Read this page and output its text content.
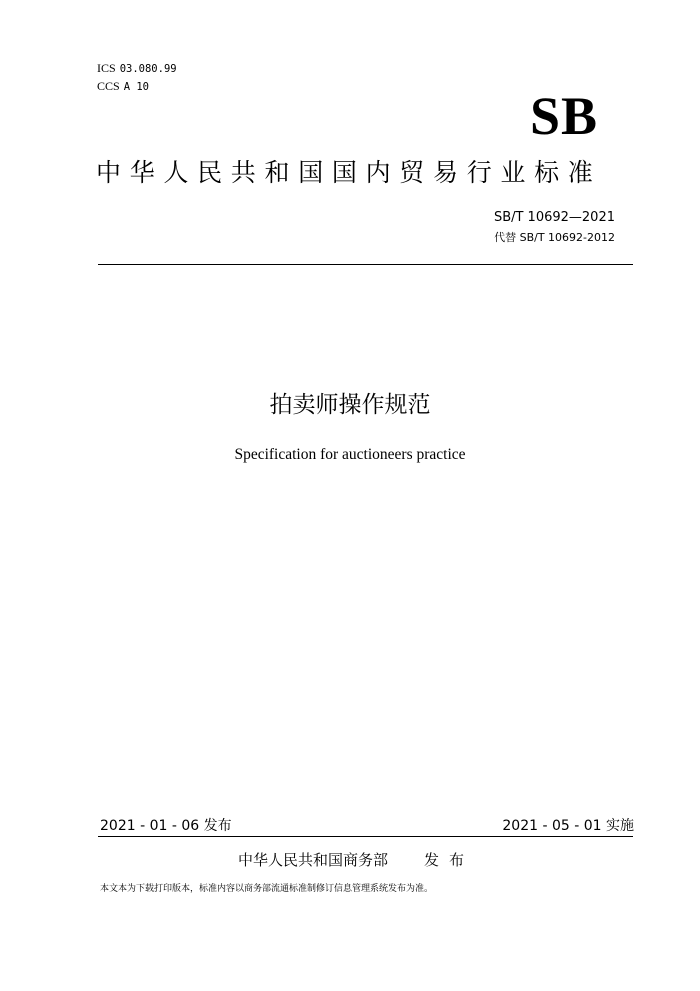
ICS 03.080.99
CCS A 10	SB
中华人民共和国国内贸易行业标准
SB/T 10692—2021
代替 SB/T 10692-2012
拍卖师操作规范
Specification for auctioneers practice
2021 - 01 - 06 发布	2021 - 05 - 01 实施
中华人民共和国商务部 发布
本文本为下载打印版本，标准内容以商务部流通标准制修订信息管理系统发布为准。
